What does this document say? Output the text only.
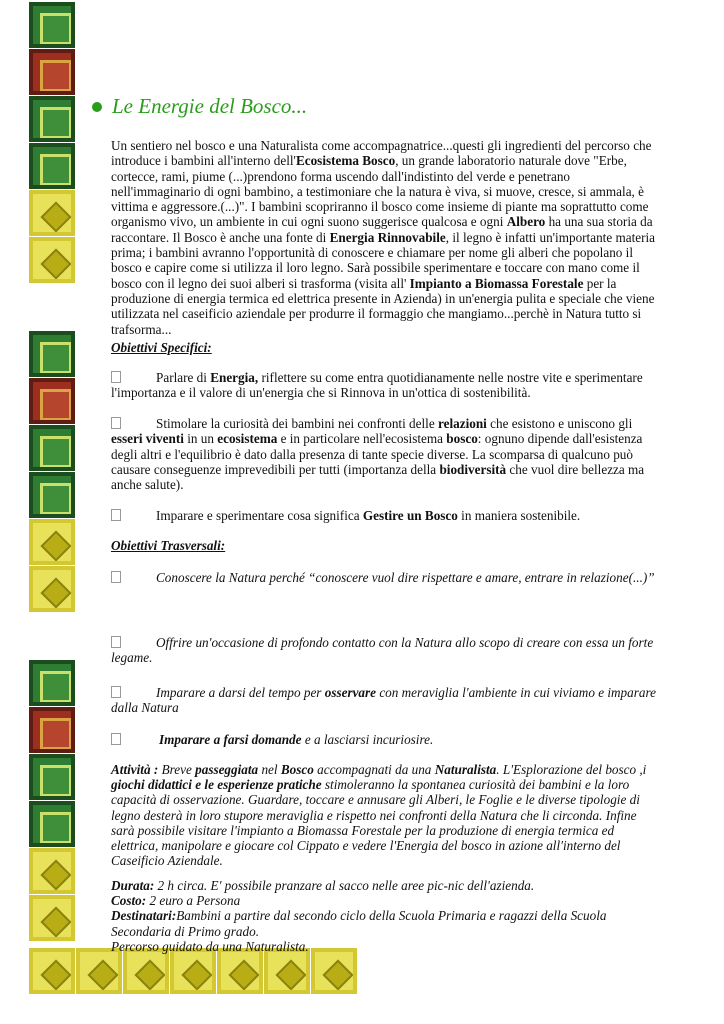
Le Energie del Bosco...

Un sentiero nel bosco e una Naturalista come accompagnatrice...questi gli ingredienti del percorso che introduce i bambini all'interno dell'Ecosistema Bosco, un grande laboratorio naturale dove "Erbe, cortecce, rami, piume (...)prendono forma uscendo dall'indistinto del verde e penetrano nell'immaginario di ogni bambino, a testimoniare che la natura è viva, si muove, cresce, si ammala, è vittima e aggressore.(...)". I bambini scopriranno il bosco come insieme di piante ma soprattutto come organismo vivo, un ambiente in cui ogni suono suggerisce qualcosa e ogni Albero ha una sua storia da raccontare. Il Bosco è anche una fonte di Energia Rinnovabile, il legno è infatti un'importante materia prima; i bambini avranno l'opportunità di conoscere e chiamare per nome gli alberi che popolano il bosco e capire come si utilizza il loro legno. Sarà possibile sperimentare e toccare con mano come il bosco con il legno dei suoi alberi si trasforma (visita all' Impianto a Biomassa Forestale per la produzione di energia termica ed elettrica presente in Azienda) in un'energia pulita e speciale che viene utilizzata nel caseificio aziendale per produrre il formaggio che mangiamo...perchè in Natura tutto si trafsorma...

Obiettivi Specifici:
Parlare di Energia, riflettere su come entra quotidianamente nelle nostre vite e sperimentare l'importanza e il valore di un'energia che si Rinnova in un'ottica di sostenibilità.
Stimolare la curiosità dei bambini nei confronti delle relazioni che esistono e uniscono gli esseri viventi in un ecosistema e in particolare nell'ecosistema bosco: ognuno dipende dall'esistenza degli altri e l'equilibrio è dato dalla presenza di tante specie diverse. La scomparsa di qualcuno può causare conseguenze imprevedibili per tutti (importanza della biodiversità che vuol dire bellezza ma anche salute).
Imparare e sperimentare cosa significa Gestire un Bosco in maniera sostenibile.
Obiettivi Trasversali:
Conoscere la Natura perché “conoscere vuol dire rispettare e amare, entrare in relazione(...)”
Offrire un'occasione di profondo contatto con la Natura allo scopo di creare con essa un forte legame.
Imparare a darsi del tempo per osservare con meraviglia l'ambiente in cui viviamo e imparare dalla Natura
Imparare a farsi domande e a lasciarsi incuriosire.
Attività : Breve passeggiata nel Bosco accompagnati da una Naturalista. L'Esplorazione del bosco ,i giochi didattici e le esperienze pratiche stimoleranno la spontanea curiosità dei bambini e la loro capacità di osservazione. Guardare, toccare e annusare gli Alberi, le Foglie e le diverse tipologie di legno desterà in loro stupore meraviglia e rispetto nei confronti della Natura che li circonda. Infine sarà possibile visitare l'impianto a Biomassa Forestale per la produzione di energia termica ed elettrica, manipolare e giocare col Cippato e vedere l'Energia del bosco in azione all'interno del Caseificio Aziendale.
Durata: 2 h circa. E' possibile pranzare al sacco nelle aree pic-nic dell'azienda.
Costo: 2 euro a Persona
Destinatari:Bambini a partire dal secondo ciclo della Scuola Primaria e ragazzi della Scuola Secondaria di Primo grado.
Percorso guidato da una Naturalista.
